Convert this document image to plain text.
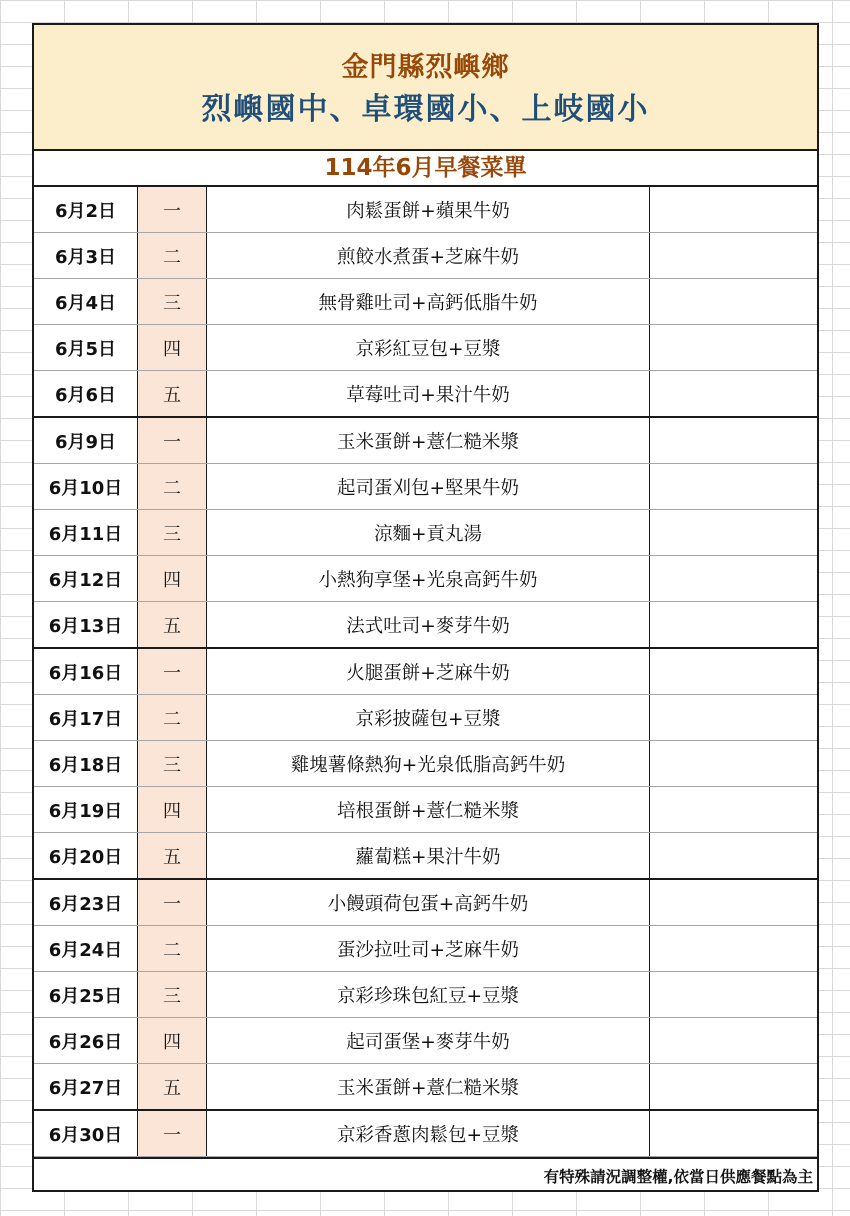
金門縣烈嶼鄉
烈嶼國中、卓環國小、上岐國小
114年6月早餐菜單
6月2日	一	肉鬆蛋餅+蘋果牛奶	
6月3日	二	煎餃水煮蛋+芝麻牛奶	
6月4日	三	無骨雞吐司+高鈣低脂牛奶	
6月5日	四	京彩紅豆包+豆漿	
6月6日	五	草莓吐司+果汁牛奶	
6月9日	一	玉米蛋餅+薏仁糙米漿	
6月10日	二	起司蛋刈包+堅果牛奶	
6月11日	三	涼麵+貢丸湯	
6月12日	四	小熱狗享堡+光泉高鈣牛奶	
6月13日	五	法式吐司+麥芽牛奶	
6月16日	一	火腿蛋餅+芝麻牛奶	
6月17日	二	京彩披薩包+豆漿	
6月18日	三	雞塊薯條熱狗+光泉低脂高鈣牛奶	
6月19日	四	培根蛋餅+薏仁糙米漿	
6月20日	五	蘿蔔糕+果汁牛奶	
6月23日	一	小饅頭荷包蛋+高鈣牛奶	
6月24日	二	蛋沙拉吐司+芝麻牛奶	
6月25日	三	京彩珍珠包紅豆+豆漿	
6月26日	四	起司蛋堡+麥芽牛奶	
6月27日	五	玉米蛋餅+薏仁糙米漿	
6月30日	一	京彩香蔥肉鬆包+豆漿	
有特殊請況調整權,依當日供應餐點為主
